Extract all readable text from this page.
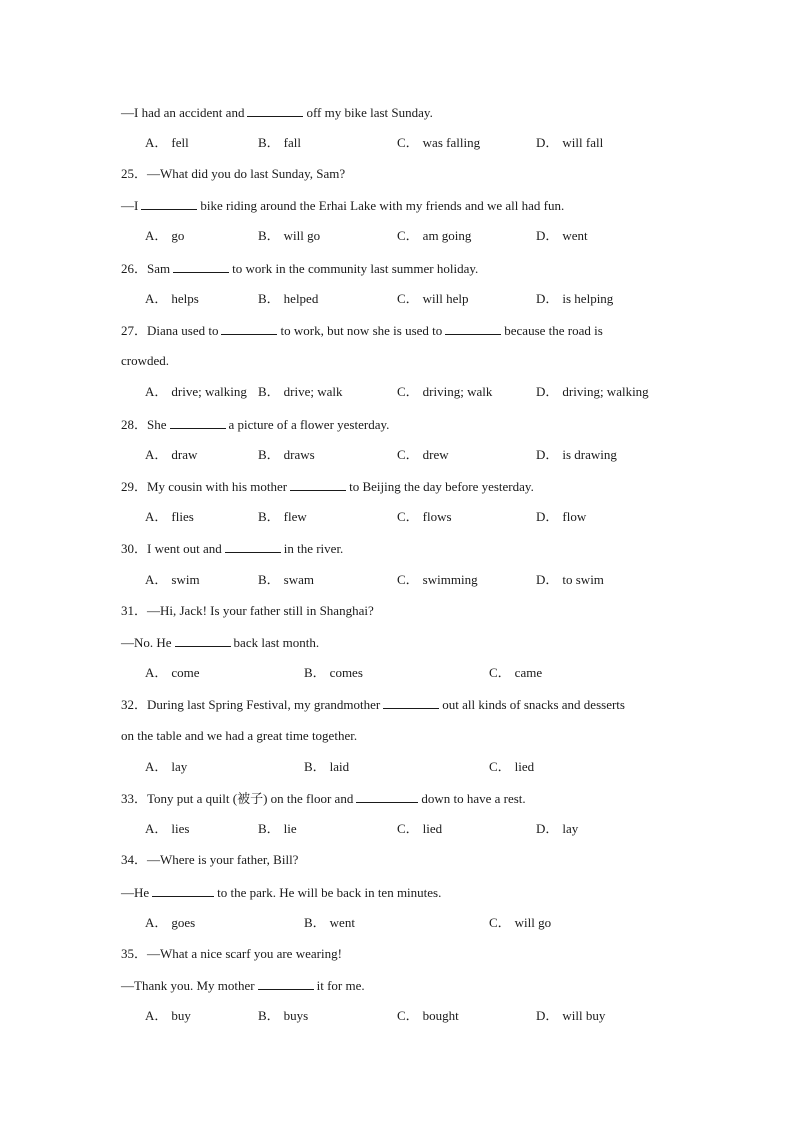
—I had an accident and	off my bike last Sunday.
25．—What did you do last Sunday, Sam?
—I	bike riding around the Erhai Lake with my friends and we all had fun.
26．Sam	to work in the community last summer holiday.
27．Diana used to	to work, but now she is used to	because the road is
crowded.
28．She	a picture of a flower yesterday.
29．My cousin with his mother	to Beijing the day before yesterday.
30．I went out and	in the river.
31．—Hi, Jack! Is your father still in Shanghai?
—No. He	back last month.
32．During last Spring Festival, my grandmother	out all kinds of snacks and desserts
on the table and we had a great time together.
33．Tony put a quilt (被子) on the floor and	down to have a rest.
34．—Where is your father, Bill?
—He	to the park. He will be back in ten minutes.
35．—What a nice scarf you are wearing!
—Thank you. My mother	it for me.
A． fell	B． fall	C． was falling	D． will fall
A． go	B． will go	C． am going	D． went
A． helps	B． helped	C． will help	D． is helping
A． drive; walking B． drive; walk	C． driving; walk	D． driving; walking
A． draw	B． draws	C． drew	D． is drawing
A． flies	B． flew	C． flows	D． flow
A． swim	B． swam	C． swimming	D． to swim
A． come	B． comes	C． came
A． lay	B． laid	C． lied
A． lies	B． lie	C． lied	D． lay
A． goes	B． went	C． will go
A． buy	B． buys	C． bought	D． will buy
